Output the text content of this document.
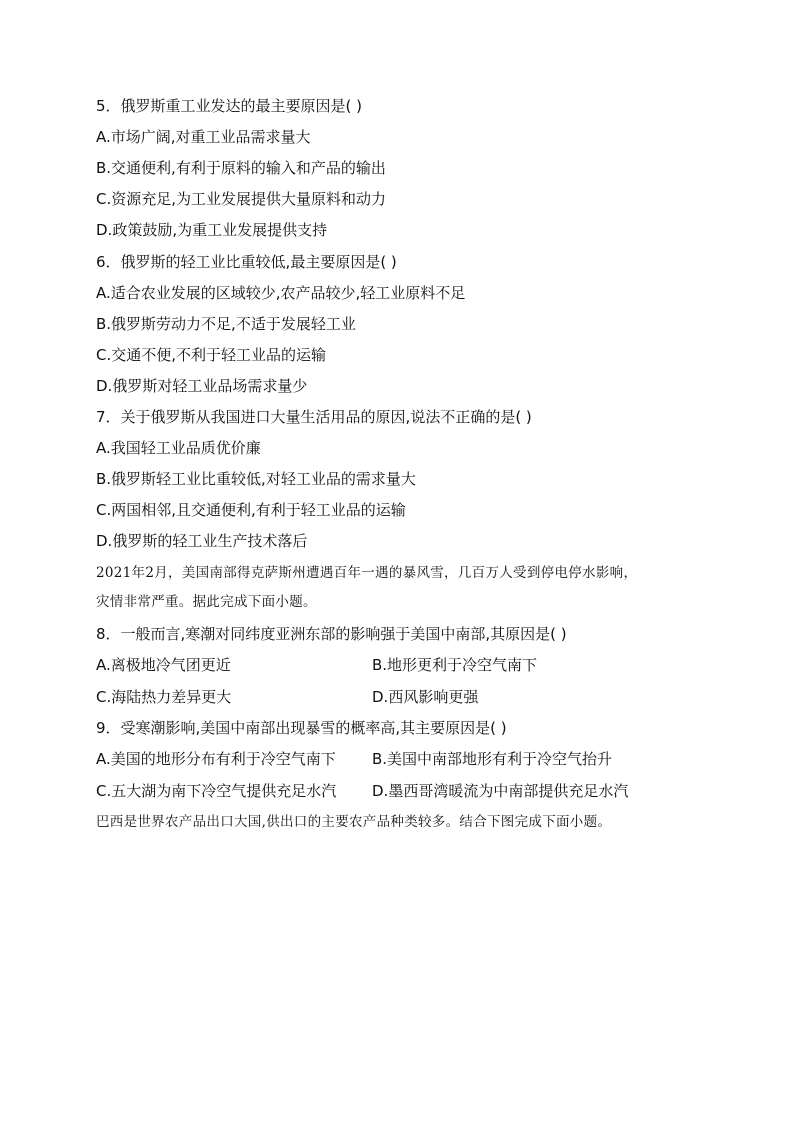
5．俄罗斯重工业发达的最主要原因是( )
A.市场广阔,对重工业品需求量大
B.交通便利,有利于原料的输入和产品的输出
C.资源充足,为工业发展提供大量原料和动力
D.政策鼓励,为重工业发展提供支持
6．俄罗斯的轻工业比重较低,最主要原因是( )
A.适合农业发展的区域较少,农产品较少,轻工业原料不足
B.俄罗斯劳动力不足,不适于发展轻工业
C.交通不便,不利于轻工业品的运输
D.俄罗斯对轻工业品场需求量少
7．关于俄罗斯从我国进口大量生活用品的原因,说法不正确的是( )
A.我国轻工业品质优价廉
B.俄罗斯轻工业比重较低,对轻工业品的需求量大
C.两国相邻,且交通便利,有利于轻工业品的运输
D.俄罗斯的轻工业生产技术落后
2021年2月，美国南部得克萨斯州遭遇百年一遇的暴风雪，几百万人受到停电停水影响，
灾情非常严重。据此完成下面小题。
8．一般而言,寒潮对同纬度亚洲东部的影响强于美国中南部,其原因是( )
A.离极地冷气团更近	B.地形更利于冷空气南下
C.海陆热力差异更大	D.西风影响更强
9．受寒潮影响,美国中南部出现暴雪的概率高,其主要原因是( )
A.美国的地形分布有利于冷空气南下 B.美国中南部地形有利于冷空气抬升
C.五大湖为南下冷空气提供充足水汽 D.墨西哥湾暖流为中南部提供充足水汽
巴西是世界农产品出口大国,供出口的主要农产品种类较多。结合下图完成下面小题。
